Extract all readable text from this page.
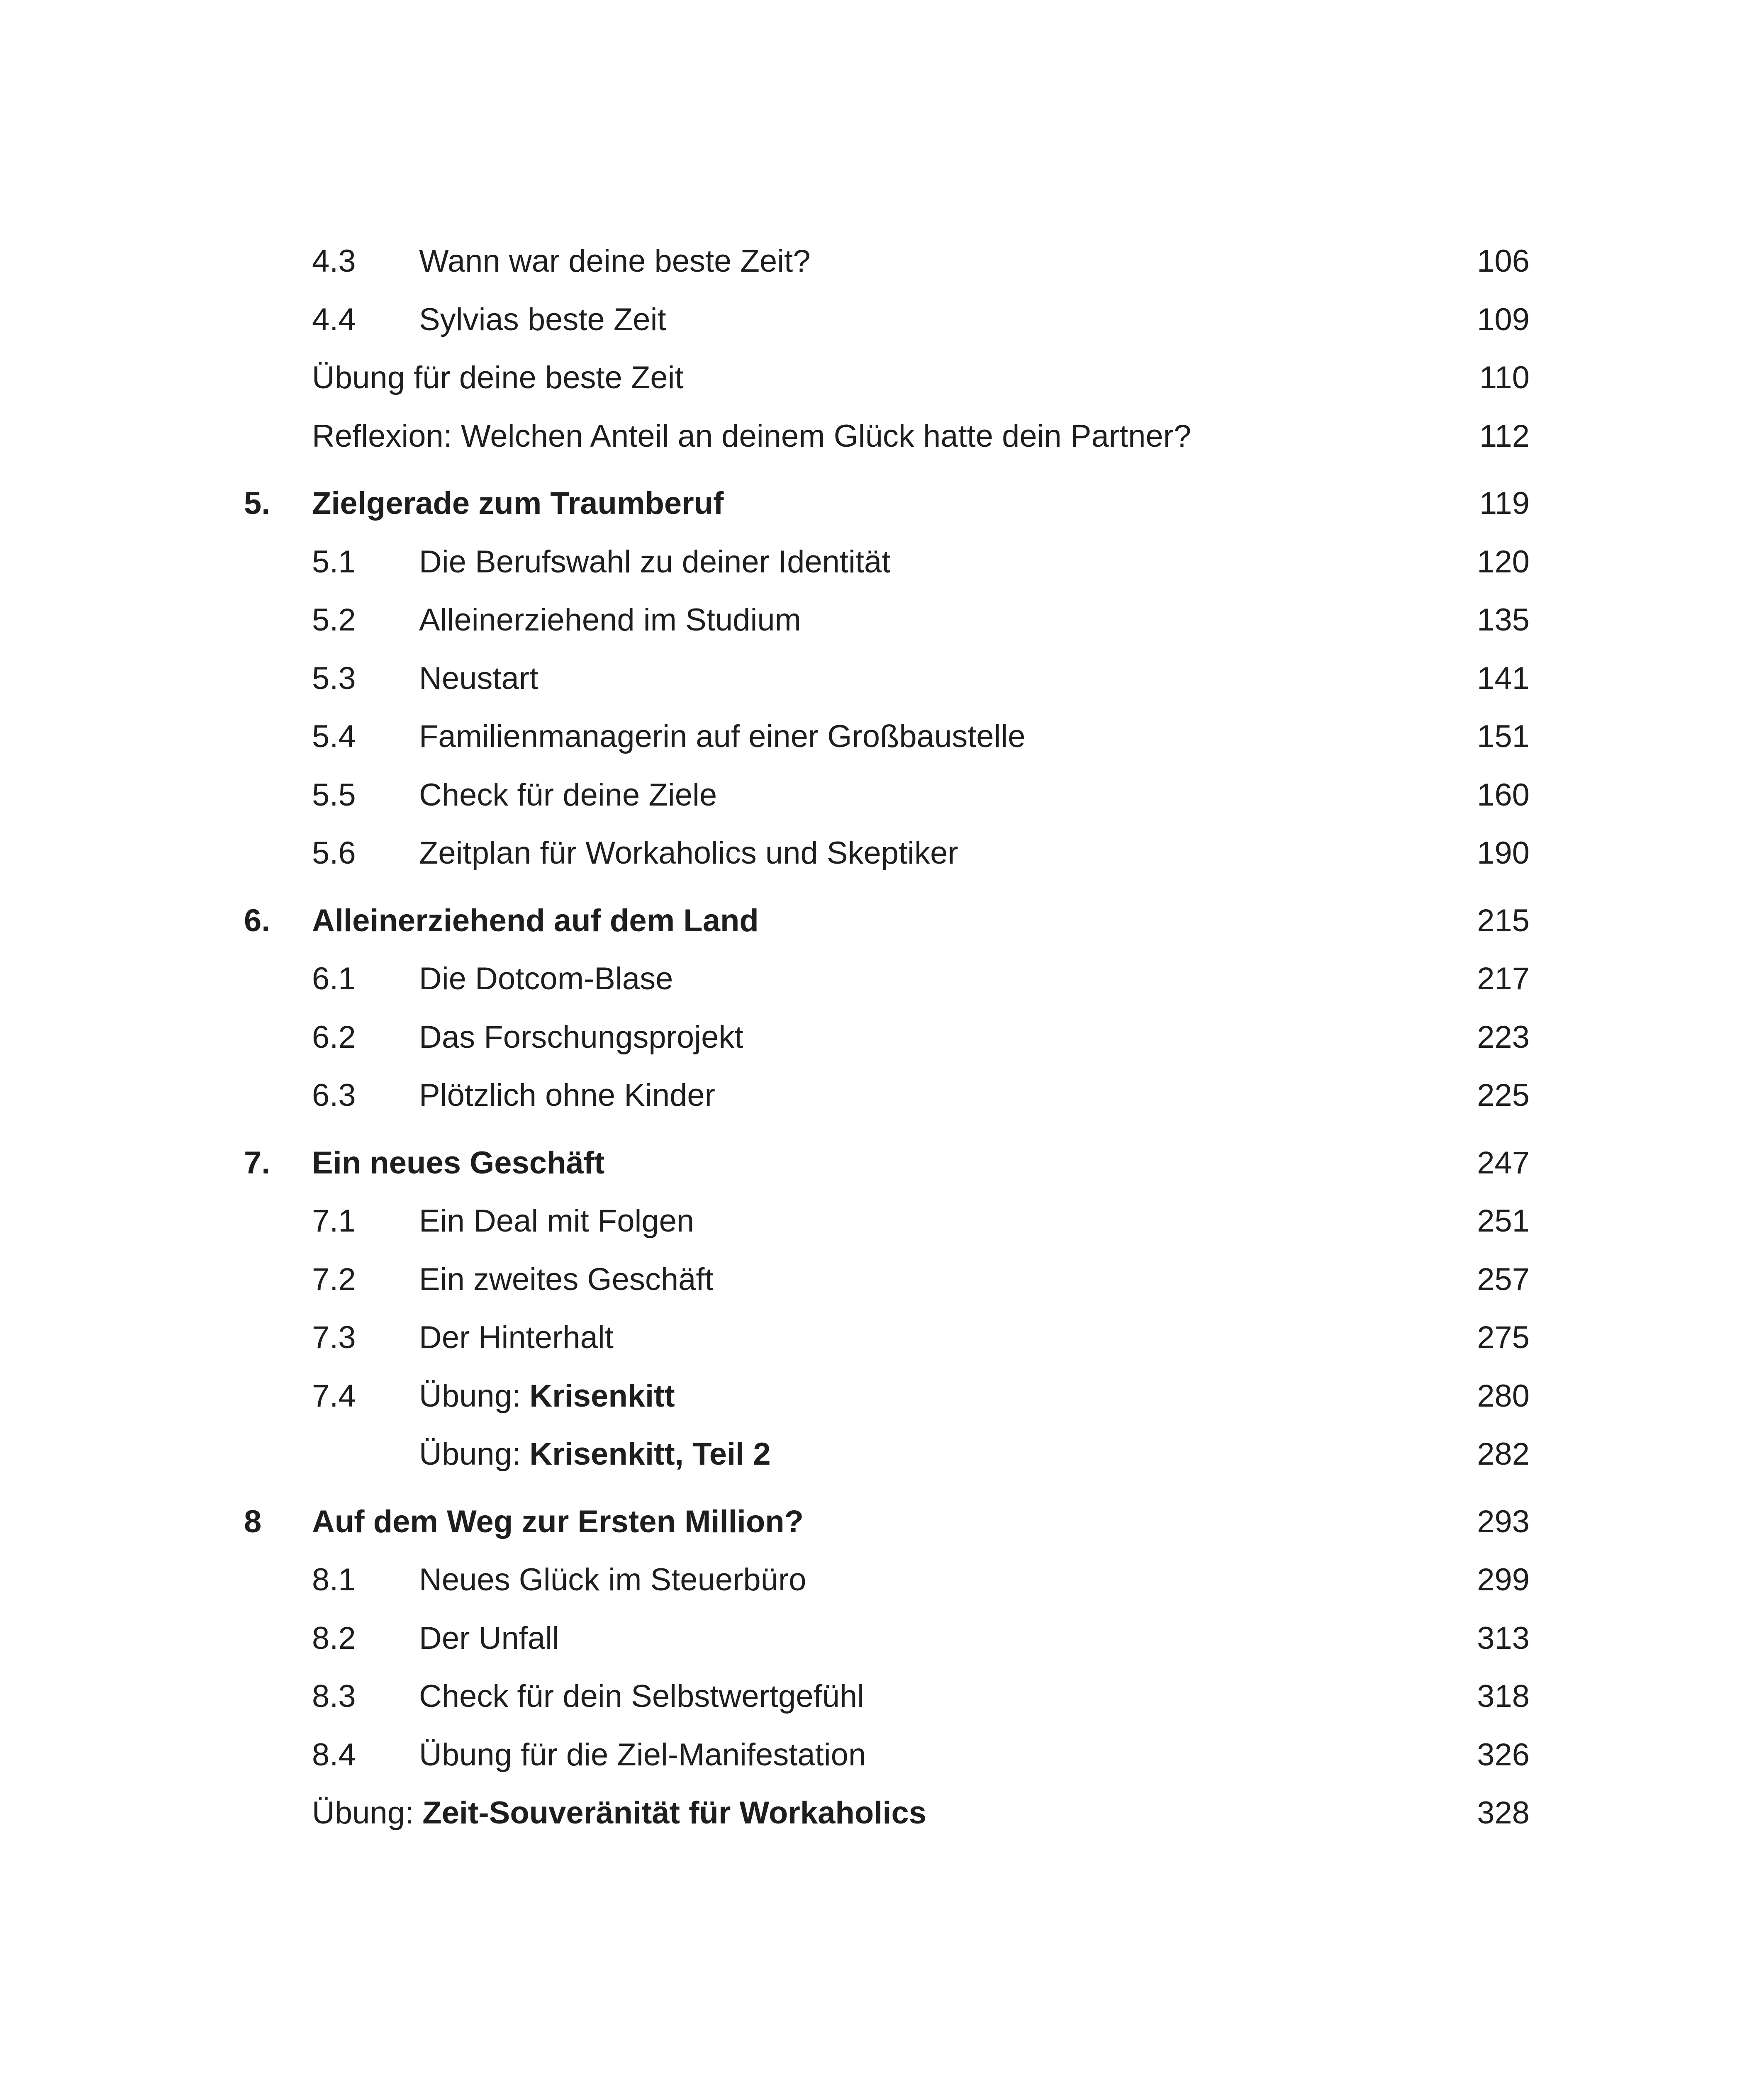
4.3 Wann war deine beste Zeit?	106
4.4 Sylvias beste Zeit	109
Übung für deine beste Zeit	110
Reflexion: Welchen Anteil an deinem Glück hatte dein Partner?	112
5. Zielgerade zum Traumberuf	119
5.1 Die Berufswahl zu deiner Identität	120
5.2 Alleinerziehend im Studium	135
5.3 Neustart	141
5.4 Familienmanagerin auf einer Großbaustelle	151
5.5 Check für deine Ziele	160
5.6 Zeitplan für Workaholics und Skeptiker	190
6. Alleinerziehend auf dem Land	215
6.1 Die Dotcom-Blase	217
6.2 Das Forschungsprojekt	223
6.3 Plötzlich ohne Kinder	225
7. Ein neues Geschäft	247
7.1 Ein Deal mit Folgen	251
7.2 Ein zweites Geschäft	257
7.3 Der Hinterhalt	275
7.4 Übung: Krisenkitt	280
Übung: Krisenkitt, Teil 2	282
8 Auf dem Weg zur Ersten Million?	293
8.1 Neues Glück im Steuerbüro	299
8.2 Der Unfall	313
8.3 Check für dein Selbstwertgefühl	318
8.4 Übung für die Ziel-Manifestation	326
Übung: Zeit-Souveränität für Workaholics	328
